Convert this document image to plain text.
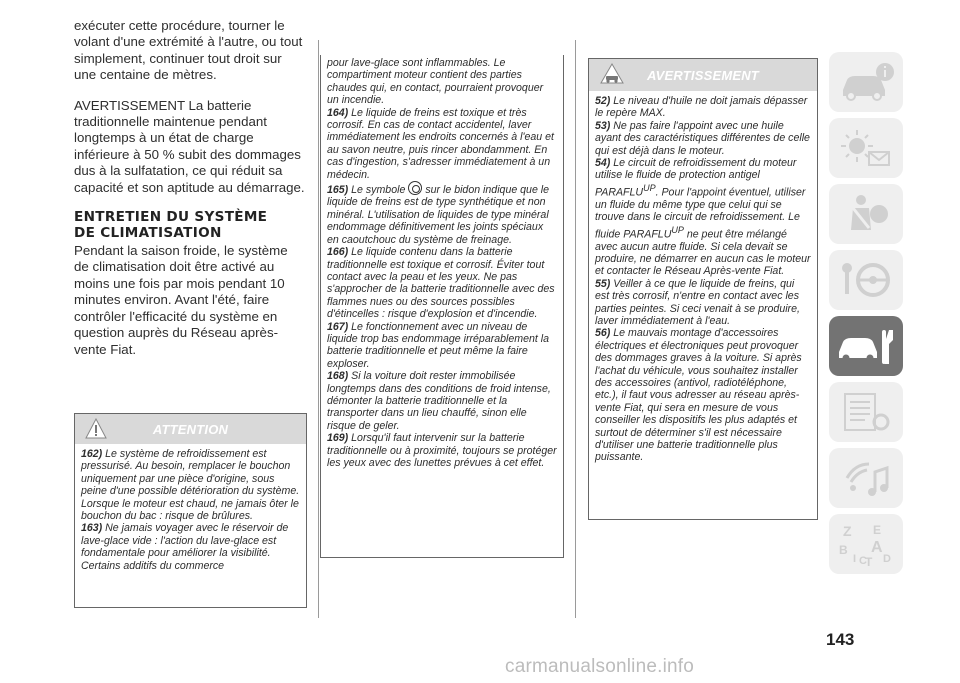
exécuter cette procédure, tourner le volant d'une extrémité à l'autre, ou tout simplement, continuer tout droit sur une centaine de mètres.

AVERTISSEMENT La batterie traditionnelle maintenue pendant longtemps à un état de charge inférieure à 50 % subit des dommages dus à la sulfatation, ce qui réduit sa capacité et son aptitude au démarrage.

ENTRETIEN DU SYSTÈME
DE CLIMATISATION

Pendant la saison froide, le système de climatisation doit être activé au moins une fois par mois pendant 10 minutes environ. Avant l'été, faire contrôler l'efficacité du système en question auprès du Réseau après-vente Fiat.

ATTENTION

162) Le système de refroidissement est pressurisé. Au besoin, remplacer le bouchon uniquement par une pièce d'origine, sous peine d'une possible détérioration du système. Lorsque le moteur est chaud, ne jamais ôter le bouchon du bac : risque de brûlures.

163) Ne jamais voyager avec le réservoir de lave-glace vide : l'action du lave-glace est fondamentale pour améliorer la visibilité. Certains additifs du commerce

pour lave-glace sont inflammables. Le compartiment moteur contient des parties chaudes qui, en contact, pourraient provoquer un incendie.

164) Le liquide de freins est toxique et très corrosif. En cas de contact accidentel, laver immédiatement les endroits concernés à l'eau et au savon neutre, puis rincer abondamment. En cas d'ingestion, s'adresser immédiatement à un médecin.

165) Le symbole sur le bidon indique que le liquide de freins est de type synthétique et non minéral. L'utilisation de liquides de type minéral endommage définitivement les joints spéciaux en caoutchouc du système de freinage.

166) Le liquide contenu dans la batterie traditionnelle est toxique et corrosif. Éviter tout contact avec la peau et les yeux. Ne pas s'approcher de la batterie traditionnelle avec des flammes nues ou des sources possibles d'étincelles : risque d'explosion et d'incendie.

167) Le fonctionnement avec un niveau de liquide trop bas endommage irréparablement la batterie traditionnelle et peut même la faire exploser.

168) Si la voiture doit rester immobilisée longtemps dans des conditions de froid intense, démonter la batterie traditionnelle et la transporter dans un lieu chauffé, sinon elle risque de geler.

169) Lorsqu'il faut intervenir sur la batterie traditionnelle ou à proximité, toujours se protéger les yeux avec des lunettes prévues à cet effet.

AVERTISSEMENT

52) Le niveau d'huile ne doit jamais dépasser le repère MAX.

53) Ne pas faire l'appoint avec une huile ayant des caractéristiques différentes de celle qui est déjà dans le moteur.

54) Le circuit de refroidissement du moteur utilise le fluide de protection antigel $PARAFLU^{UP}$. Pour l'appoint éventuel, utiliser un fluide du même type que celui qui se trouve dans le circuit de refroidissement. Le fluide $PARAFLU^{UP}$ ne peut être mélangé avec aucun autre fluide. Si cela devait se produire, ne démarrer en aucun cas le moteur et contacter le Réseau Après-vente Fiat.

55) Veiller à ce que le liquide de freins, qui est très corrosif, n'entre en contact avec les parties peintes. Si ceci venait à se produire, laver immédiatement à l'eau.

56) Le mauvais montage d'accessoires électriques et électroniques peut provoquer des dommages graves à la voiture. Si après l'achat du véhicule, vous souhaitez installer des accessoires (antivol, radiotéléphone, etc.), il faut vous adresser au réseau après-vente Fiat, qui sera en mesure de vous conseiller les dispositifs les plus adaptés et surtout de déterminer s'il est nécessaire d'utiliser une batterie traditionnelle plus puissante.

Z E
B A
I C
T D
143
carmanualsonline.info
